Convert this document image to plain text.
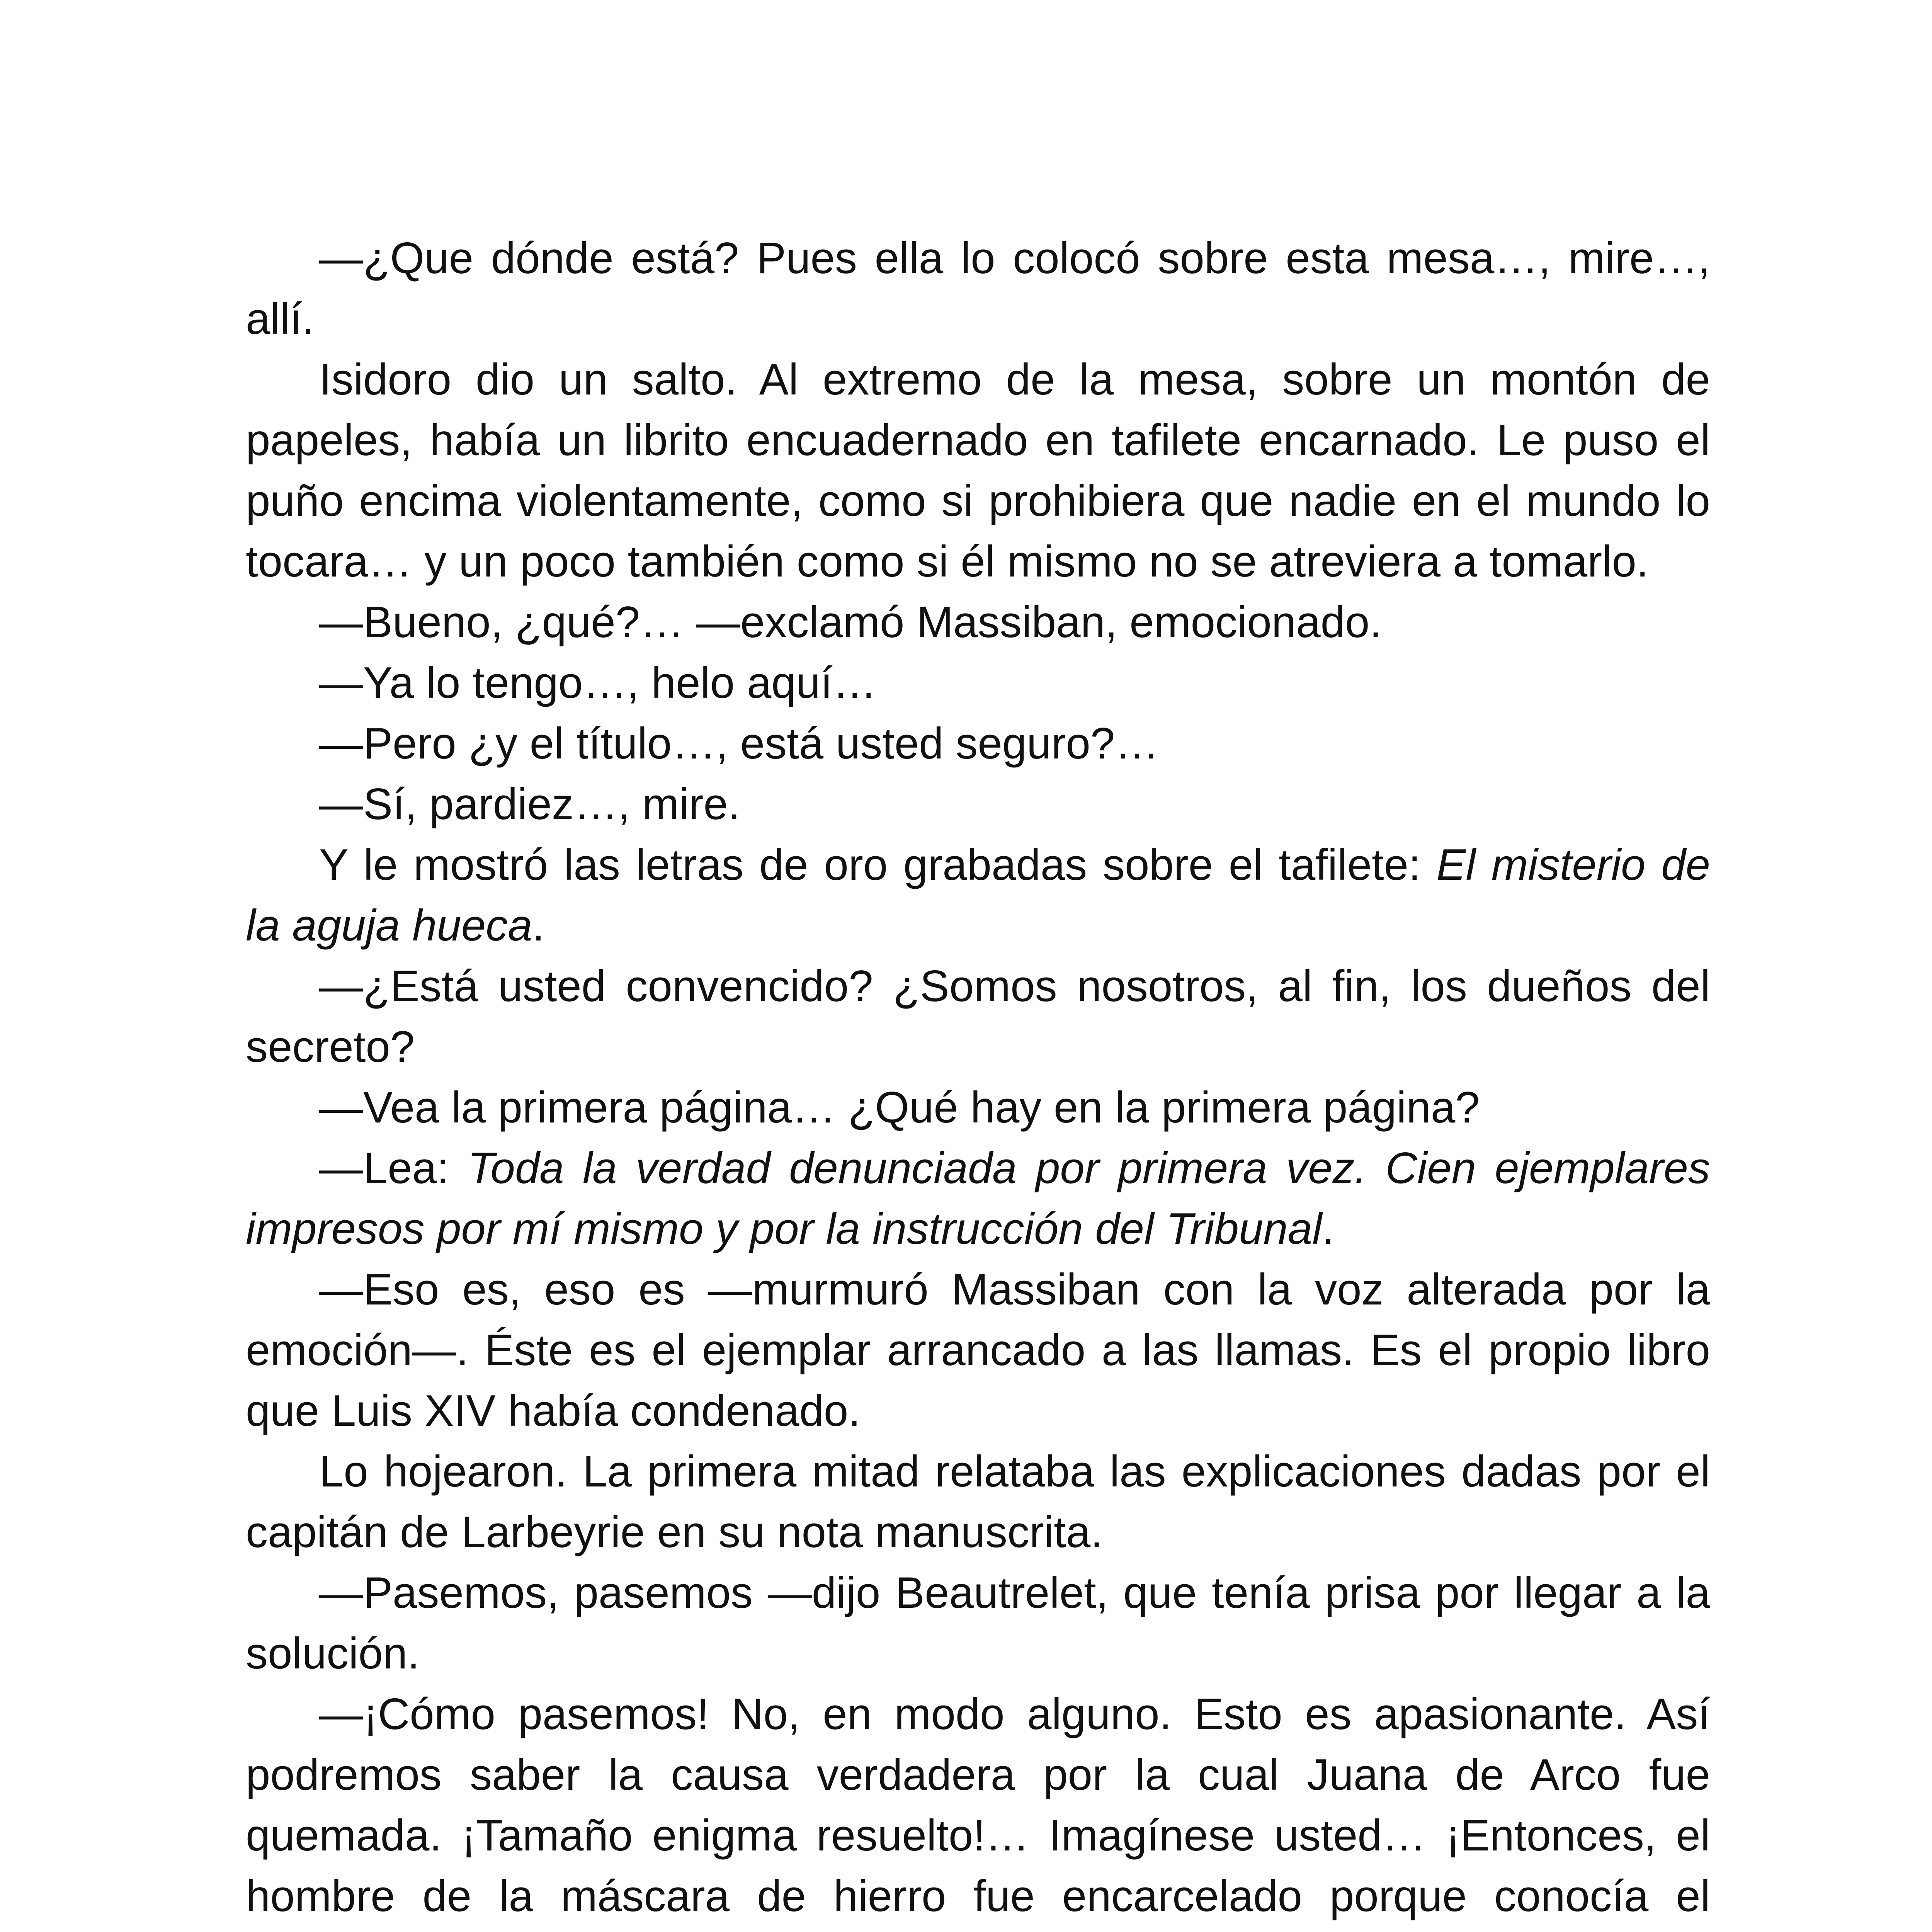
—¿Que dónde está? Pues ella lo colocó sobre esta mesa…, mire…, allí.

Isidoro dio un salto. Al extremo de la mesa, sobre un montón de papeles, había un librito encuadernado en tafilete encarnado. Le puso el puño encima violentamente, como si prohibiera que nadie en el mundo lo tocara… y un poco también como si él mismo no se atreviera a tomarlo.

—Bueno, ¿qué?… —exclamó Massiban, emocionado.

—Ya lo tengo…, helo aquí…

—Pero ¿y el título…, está usted seguro?…

—Sí, pardiez…, mire.

Y le mostró las letras de oro grabadas sobre el tafilete: El misterio de la aguja hueca.

—¿Está usted convencido? ¿Somos nosotros, al fin, los dueños del secreto?

—Vea la primera página… ¿Qué hay en la primera página?

—Lea: Toda la verdad denunciada por primera vez. Cien ejemplares impresos por mí mismo y por la instrucción del Tribunal.

—Eso es, eso es —murmuró Massiban con la voz alterada por la emoción—. Éste es el ejemplar arrancado a las llamas. Es el propio libro que Luis XIV había condenado.

Lo hojearon. La primera mitad relataba las explicaciones dadas por el capitán de Larbeyrie en su nota manuscrita.

—Pasemos, pasemos —dijo Beautrelet, que tenía prisa por llegar a la solución.

—¡Cómo pasemos! No, en modo alguno. Esto es apasionante. Así podremos saber la causa verdadera por la cual Juana de Arco fue quemada. ¡Tamaño enigma resuelto!… Imagínese usted… ¡Entonces, el hombre de la máscara de hierro fue encarcelado porque conocía el
